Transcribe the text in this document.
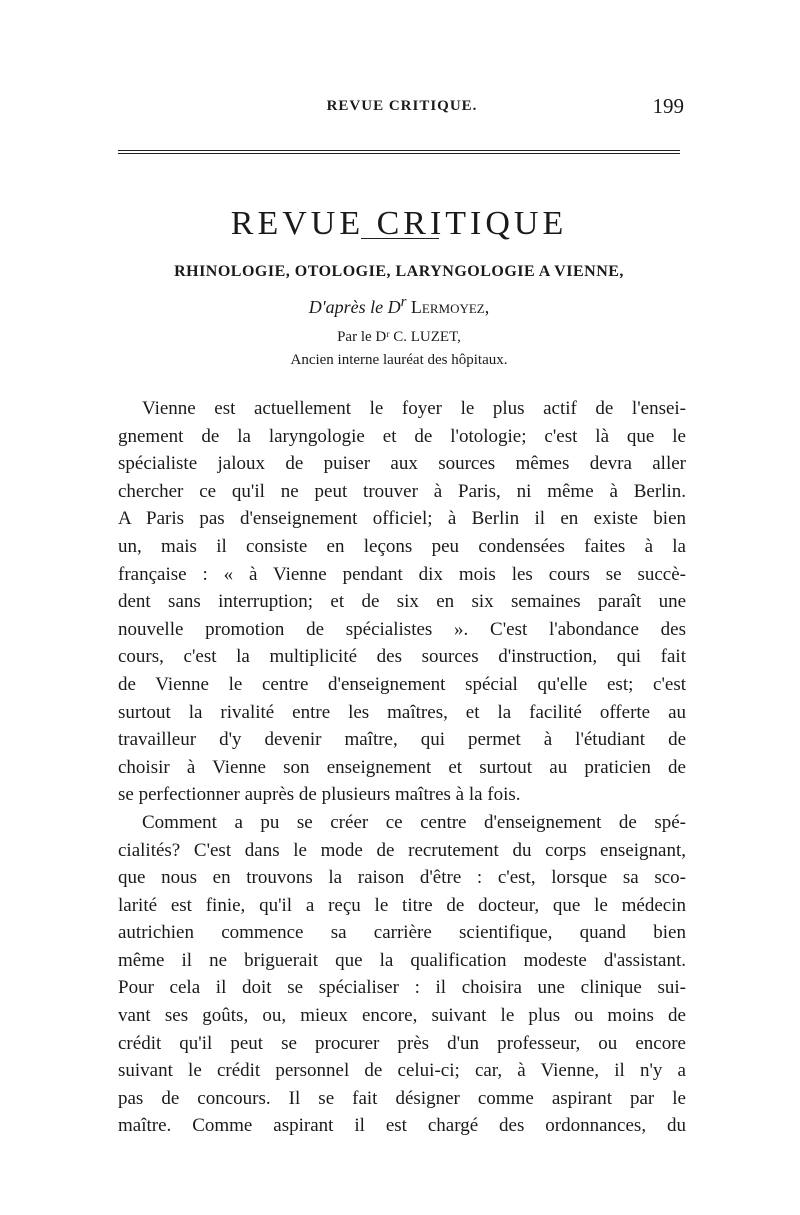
REVUE CRITIQUE.	199
REVUE CRITIQUE
RHINOLOGIE, OTOLOGIE, LARYNGOLOGIE A VIENNE,
D'après le $D^r$ Lermoyez,
Par le Dʳ C. LUZET,
Ancien interne lauréat des hôpitaux.
Vienne est actuellement le foyer le plus actif de l'ensei-
gnement de la laryngologie et de l'otologie; c'est là que le
spécialiste jaloux de puiser aux sources mêmes devra aller
chercher ce qu'il ne peut trouver à Paris, ni même à Berlin.
A Paris pas d'enseignement officiel; à Berlin il en existe bien
un, mais il consiste en leçons peu condensées faites à la
française : « à Vienne pendant dix mois les cours se succè-
dent sans interruption; et de six en six semaines paraît une
nouvelle promotion de spécialistes ». C'est l'abondance des
cours, c'est la multiplicité des sources d'instruction, qui fait
de Vienne le centre d'enseignement spécial qu'elle est; c'est
surtout la rivalité entre les maîtres, et la facilité offerte au
travailleur d'y devenir maître, qui permet à l'étudiant de
choisir à Vienne son enseignement et surtout au praticien de
se perfectionner auprès de plusieurs maîtres à la fois.
Comment a pu se créer ce centre d'enseignement de spé-
cialités? C'est dans le mode de recrutement du corps enseignant,
que nous en trouvons la raison d'être : c'est, lorsque sa sco-
larité est finie, qu'il a reçu le titre de docteur, que le médecin
autrichien commence sa carrière scientifique, quand bien
même il ne briguerait que la qualification modeste d'assistant.
Pour cela il doit se spécialiser : il choisira une clinique sui-
vant ses goûts, ou, mieux encore, suivant le plus ou moins de
crédit qu'il peut se procurer près d'un professeur, ou encore
suivant le crédit personnel de celui-ci; car, à Vienne, il n'y a
pas de concours. Il se fait désigner comme aspirant par le
maître. Comme aspirant il est chargé des ordonnances, du
